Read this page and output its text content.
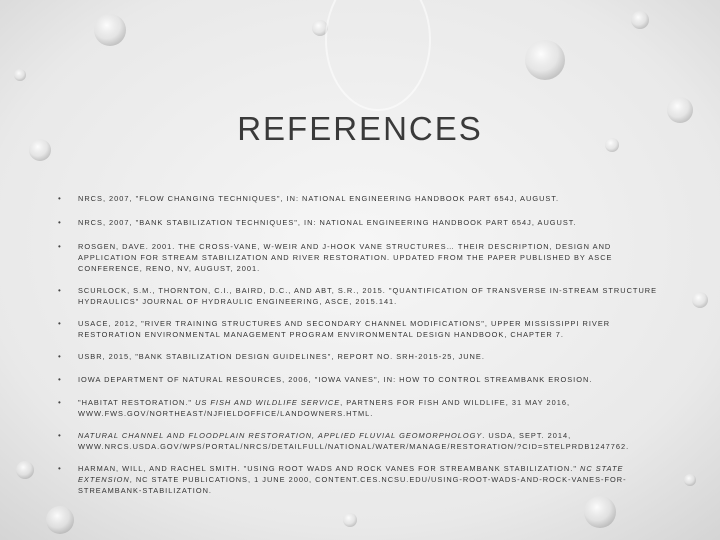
REFERENCES
• NRCS, 2007, "FLOW CHANGING TECHNIQUES", IN: NATIONAL ENGINEERING HANDBOOK PART 654J, AUGUST.
• NRCS, 2007, "BANK STABILIZATION TECHNIQUES", IN: NATIONAL ENGINEERING HANDBOOK PART 654J, AUGUST.
• ROSGEN, DAVE. 2001. THE CROSS-VANE, W-WEIR AND J-HOOK VANE STRUCTURES… THEIR DESCRIPTION, DESIGN AND APPLICATION FOR STREAM STABILIZATION AND RIVER RESTORATION. UPDATED FROM THE PAPER PUBLISHED BY ASCE CONFERENCE, RENO, NV, AUGUST, 2001.
• SCURLOCK, S.M., THORNTON, C.I., BAIRD, D.C., AND ABT, S.R., 2015. "QUANTIFICATION OF TRANSVERSE IN-STREAM STRUCTURE HYDRAULICS" JOURNAL OF HYDRAULIC ENGINEERING, ASCE, 2015.141.
• USACE, 2012, "RIVER TRAINING STRUCTURES AND SECONDARY CHANNEL MODIFICATIONS", UPPER MISSISSIPPI RIVER RESTORATION ENVIRONMENTAL MANAGEMENT PROGRAM ENVIRONMENTAL DESIGN HANDBOOK, CHAPTER 7.
• USBR, 2015, "BANK STABILIZATION DESIGN GUIDELINES", REPORT NO. SRH-2015-25, JUNE.
• IOWA DEPARTMENT OF NATURAL RESOURCES, 2006, "IOWA VANES", IN: HOW TO CONTROL STREAMBANK EROSION.
• "HABITAT RESTORATION." US FISH AND WILDLIFE SERVICE, PARTNERS FOR FISH AND WILDLIFE, 31 MAY 2016, WWW.FWS.GOV/NORTHEAST/NJFIELDOFFICE/LANDOWNERS.HTML.
• NATURAL CHANNEL AND FLOODPLAIN RESTORATION, APPLIED FLUVIAL GEOMORPHOLOGY. USDA, SEPT. 2014, WWW.NRCS.USDA.GOV/WPS/PORTAL/NRCS/DETAILFULL/NATIONAL/WATER/MANAGE/RESTORATION/?CID=STELPRDB1247762.
• HARMAN, WILL, AND RACHEL SMITH. "USING ROOT WADS AND ROCK VANES FOR STREAMBANK STABILIZATION." NC STATE EXTENSION, NC STATE PUBLICATIONS, 1 JUNE 2000, CONTENT.CES.NCSU.EDU/USING-ROOT-WADS-AND-ROCK-VANES-FOR-STREAMBANK-STABILIZATION.
